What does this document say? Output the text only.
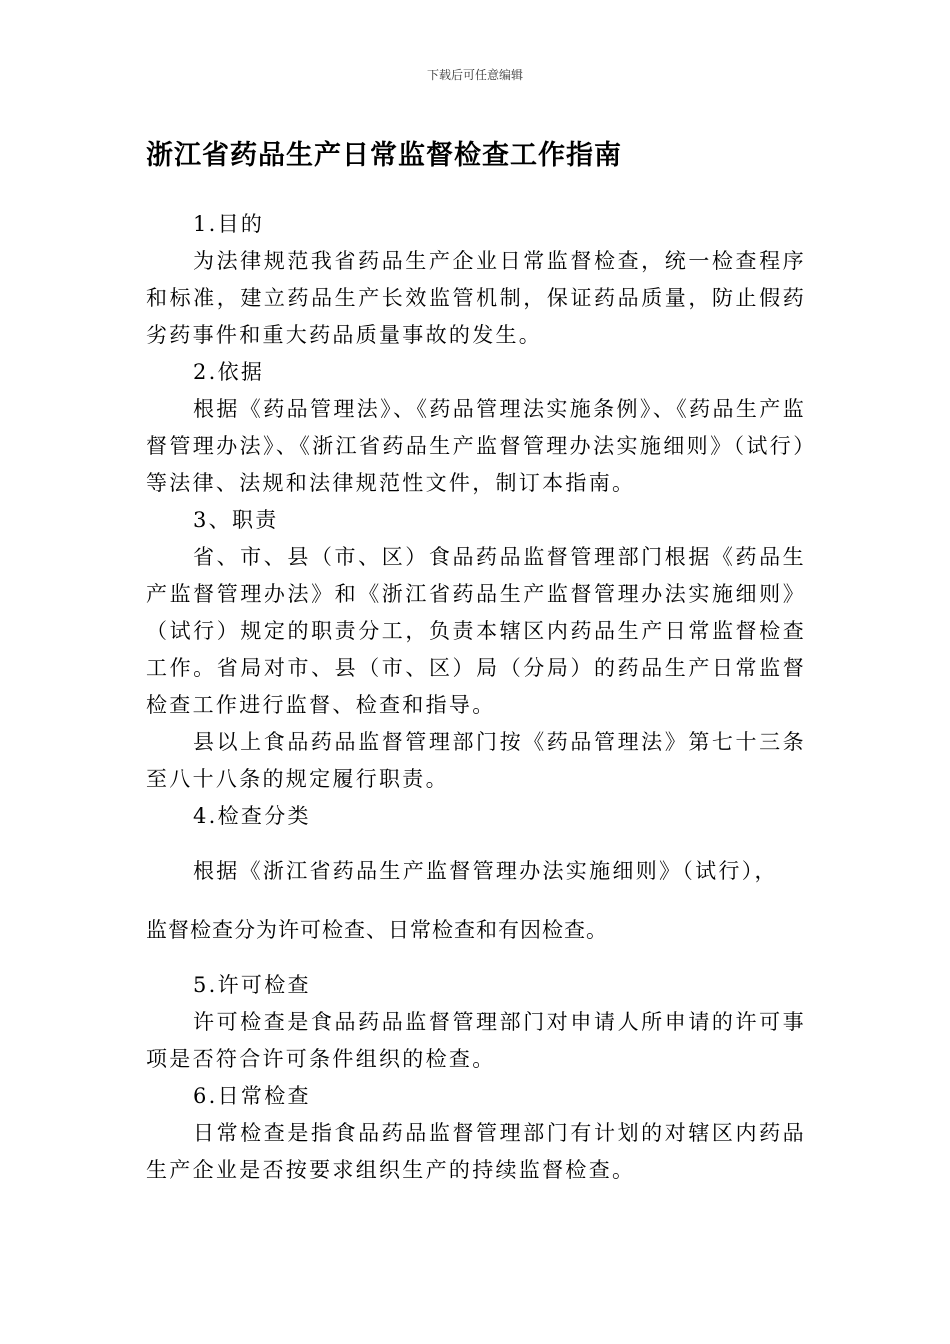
下载后可任意编辑
浙江省药品生产日常监督检查工作指南
1.目的
为法律规范我省药品生产企业日常监督检查，统一检查程序和标准，建立药品生产长效监管机制，保证药品质量，防止假药劣药事件和重大药品质量事故的发生。
2.依据
根据《药品管理法》、《药品管理法实施条例》、《药品生产监督管理办法》、《浙江省药品生产监督管理办法实施细则》（试行）等法律、法规和法律规范性文件，制订本指南。
3、职责
省、市、县（市、区）食品药品监督管理部门根据《药品生产监督管理办法》和《浙江省药品生产监督管理办法实施细则》（试行）规定的职责分工，负责本辖区内药品生产日常监督检查工作。省局对市、县（市、区）局（分局）的药品生产日常监督检查工作进行监督、检查和指导。
县以上食品药品监督管理部门按《药品管理法》第七十三条至八十八条的规定履行职责。
4.检查分类
根据《浙江省药品生产监督管理办法实施细则》（试行），
监督检查分为许可检查、日常检查和有因检查。
5.许可检查
许可检查是食品药品监督管理部门对申请人所申请的许可事项是否符合许可条件组织的检查。
6.日常检查
日常检查是指食品药品监督管理部门有计划的对辖区内药品生产企业是否按要求组织生产的持续监督检查。
